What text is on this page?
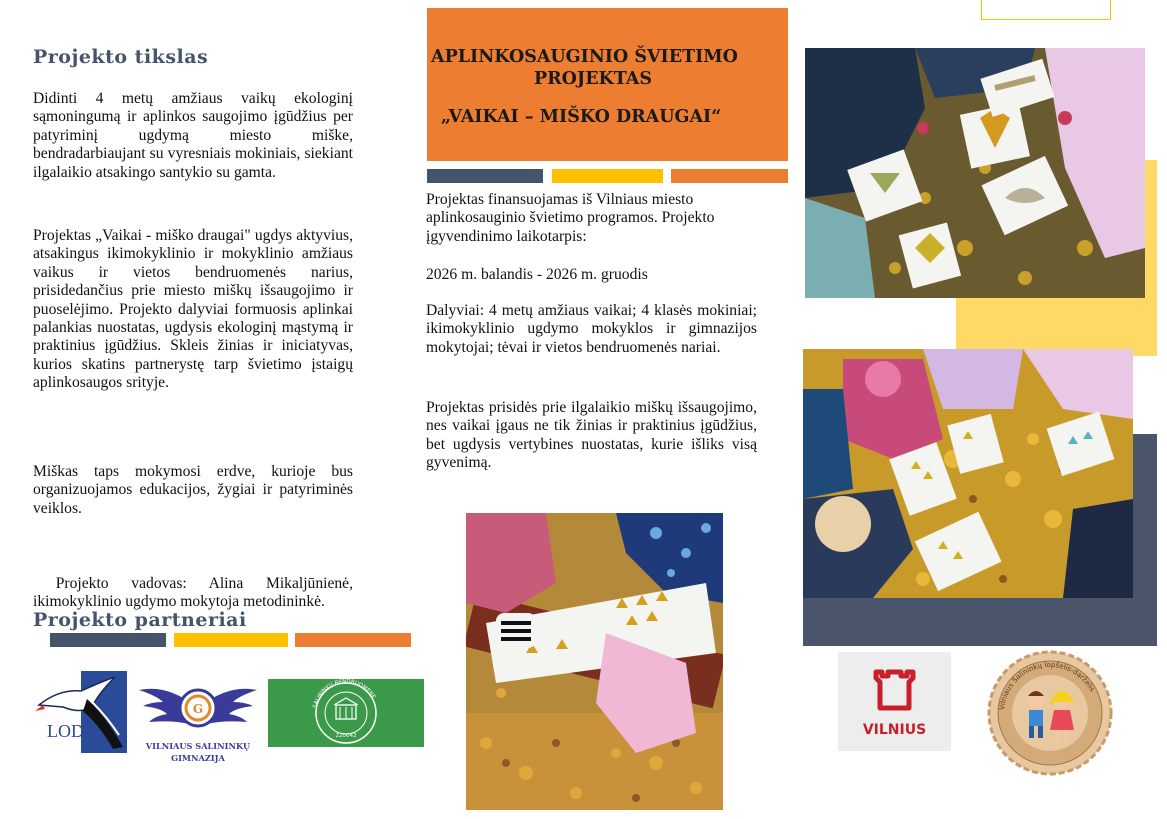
Projekto tikslas

Didinti 4 metų amžiaus vaikų ekologinį sąmoningumą ir aplinkos saugojimo įgūdžius per patyriminį ugdymą miesto miške, bendradarbiaujant su vyresniais mokiniais, siekiant ilgalaikio atsakingo santykio su gamta.

Projektas „Vaikai - miško draugai" ugdys aktyvius, atsakingus ikimokyklinio ir mokyklinio amžiaus vaikus ir vietos bendruomenės narius, prisidedančius prie miesto miškų išsaugojimo ir puoselėjimo. Projekto dalyviai formuosis aplinkai palankias nuostatas, ugdysis ekologinį mąstymą ir praktinius įgūdžius. Skleis žinias ir iniciatyvas, kurios skatins partnerystę tarp švietimo įstaigų aplinkosaugos srityje.

Miškas taps mokymosi erdve, kurioje bus organizuojamos edukacijos, žygiai ir patyriminės veiklos.

Projekto vadovas: Alina Mikaljūnienė, ikimokyklinio ugdymo mokytoja metodininkė.

Projekto partneriai
LOD
G
VILNIAUS SALININKŲ
GIMNAZIJA
SALININKŲ BENDRUOMENĖ
220042
APLINKOSAUGINIO ŠVIETIMO
PROJEKTAS
„VAIKAI – MIŠKO DRAUGAI“

Projektas finansuojamas iš Vilniaus miesto aplinkosauginio švietimo programos. Projekto įgyvendinimo laikotarpis:

2026 m. balandis - 2026 m. gruodis

Dalyviai: 4 metų amžiaus vaikai; 4 klasės mokiniai; ikimokyklinio ugdymo mokyklos ir gimnazijos mokytojai; tėvai ir vietos bendruomenės nariai.

Projektas prisidės prie ilgalaikio miškų išsaugojimo, nes vaikai įgaus ne tik žinias ir praktinius įgūdžius, bet ugdysis vertybines nuostatas, kurie išliks visą gyvenimą.

VILNIUS
Vilniaus Salininkų lopšelis-darželis
